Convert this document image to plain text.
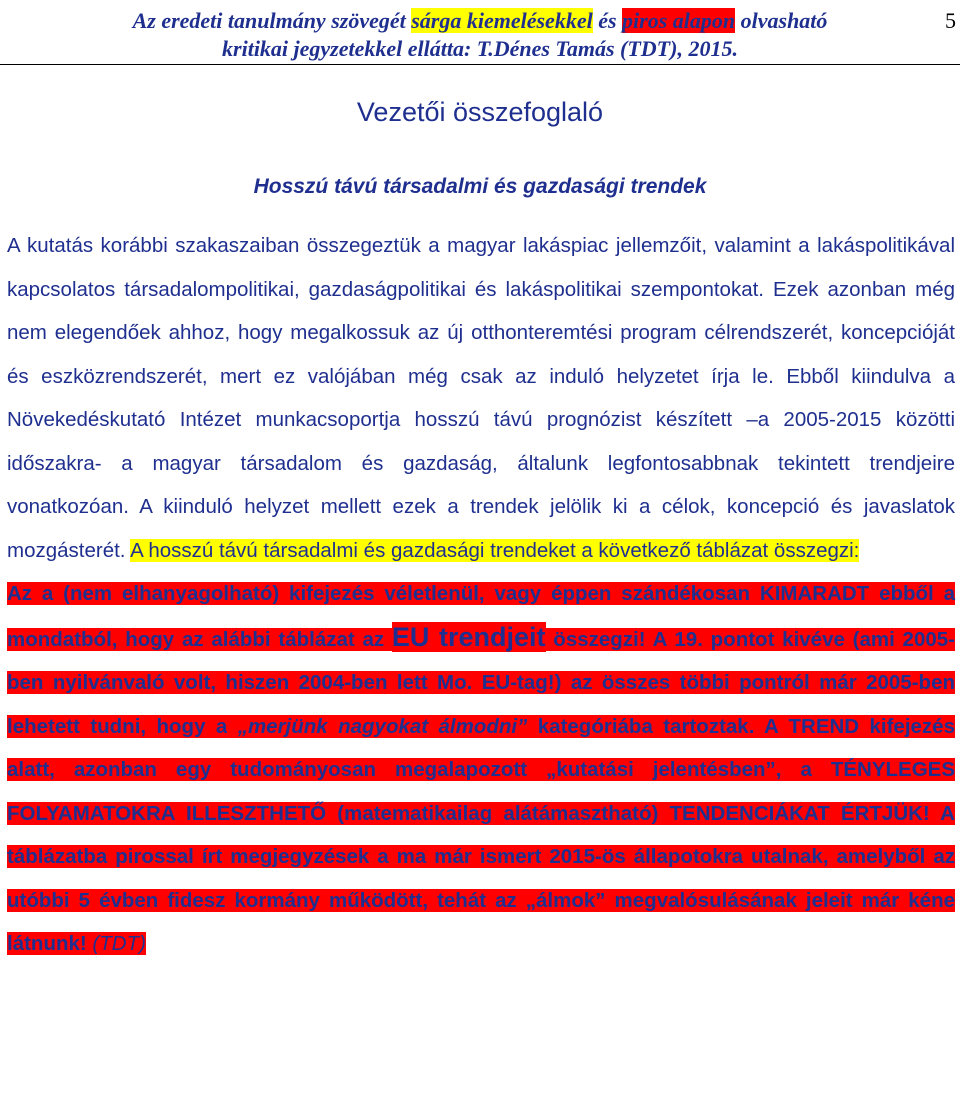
Az eredeti tanulmány szövegét sárga kiemelésekkel és piros alapon olvasható
kritikai jegyzetekkel ellátta: T.Dénes Tamás (TDT), 2015.
5
Vezetői összefoglaló
Hosszú távú társadalmi és gazdasági trendek

A kutatás korábbi szakaszaiban összegeztük a magyar lakáspiac jellemzőit, valamint a lakáspolitikával kapcsolatos társadalompolitikai, gazdaságpolitikai és lakáspolitikai szempontokat. Ezek azonban még nem elegendőek ahhoz, hogy megalkossuk az új otthonteremtési program célrendszerét, koncepcióját és eszközrendszerét, mert ez valójában még csak az induló helyzetet írja le. Ebből kiindulva a Növekedéskutató Intézet munkacsoportja hosszú távú prognózist készített –a 2005-2015 közötti időszakra- a magyar társadalom és gazdaság, általunk legfontosabbnak tekintett trendjeire vonatkozóan. A kiinduló helyzet mellett ezek a trendek jelölik ki a célok, koncepció és javaslatok mozgásterét. A hosszú távú társadalmi és gazdasági trendeket a következő táblázat összegzi:

Az a (nem elhanyagolható) kifejezés véletlenül, vagy éppen szándékosan KIMARADT ebből a mondatból, hogy az alábbi táblázat az EU trendjeit összegzi! A 19. pontot kivéve (ami 2005-ben nyilvánvaló volt, hiszen 2004-ben lett Mo. EU-tag!) az összes többi pontról már 2005-ben lehetett tudni, hogy a „merjünk nagyokat álmodni” kategóriába tartoztak. A TREND kifejezés alatt, azonban egy tudományosan megalapozott „kutatási jelentésben”, a TÉNYLEGES FOLYAMATOKRA ILLESZTHETŐ (matematikailag alátámasztható) TENDENCIÁKAT ÉRTJÜK! A táblázatba pirossal írt megjegyzések a ma már ismert 2015-ös állapotokra utalnak, amelyből az utóbbi 5 évben fidesz kormány működött, tehát az „álmok” megvalósulásának jeleit már kéne látnunk! (TDT)
